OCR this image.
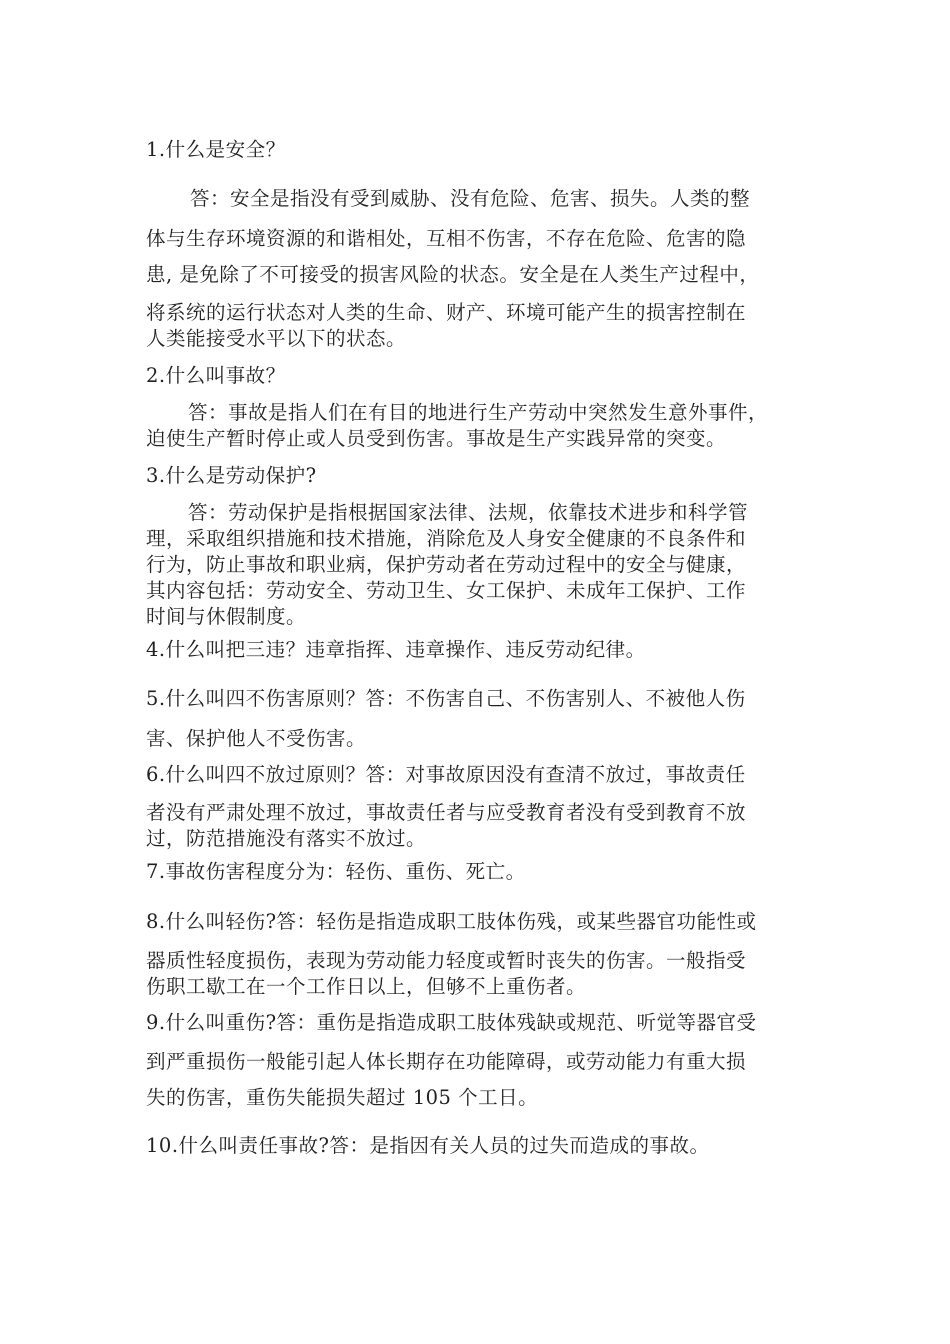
1.什么是安全？
答：安全是指没有受到威胁、没有危险、危害、损失。人类的整
体与生存环境资源的和谐相处，互相不伤害，不存在危险、危害的隐
患, 是免除了不可接受的损害风险的状态。安全是在人类生产过程中，
将系统的运行状态对人类的生命、财产、环境可能产生的损害控制在
人类能接受水平以下的状态。
2.什么叫事故？
答：事故是指人们在有目的地进行生产劳动中突然发生意外事件，
迫使生产暂时停止或人员受到伤害。事故是生产实践异常的突变。
3.什么是劳动保护?
答：劳动保护是指根据国家法律、法规，依靠技术进步和科学管
理，采取组织措施和技术措施，消除危及人身安全健康的不良条件和
行为，防止事故和职业病，保护劳动者在劳动过程中的安全与健康，
其内容包括：劳动安全、劳动卫生、女工保护、未成年工保护、工作
时间与休假制度。
4.什么叫把三违？违章指挥、违章操作、违反劳动纪律。
5.什么叫四不伤害原则？答：不伤害自己、不伤害别人、不被他人伤
害、保护他人不受伤害。
6.什么叫四不放过原则？答：对事故原因没有查清不放过，事故责任
者没有严肃处理不放过，事故责任者与应受教育者没有受到教育不放
过，防范措施没有落实不放过。
7.事故伤害程度分为：轻伤、重伤、死亡。
8.什么叫轻伤?答：轻伤是指造成职工肢体伤残，或某些器官功能性或
器质性轻度损伤，表现为劳动能力轻度或暂时丧失的伤害。一般指受
伤职工歇工在一个工作日以上，但够不上重伤者。
9.什么叫重伤?答：重伤是指造成职工肢体残缺或规范、听觉等器官受
到严重损伤一般能引起人体长期存在功能障碍，或劳动能力有重大损
失的伤害，重伤失能损失超过 105 个工日。
10.什么叫责任事故?答：是指因有关人员的过失而造成的事故。
